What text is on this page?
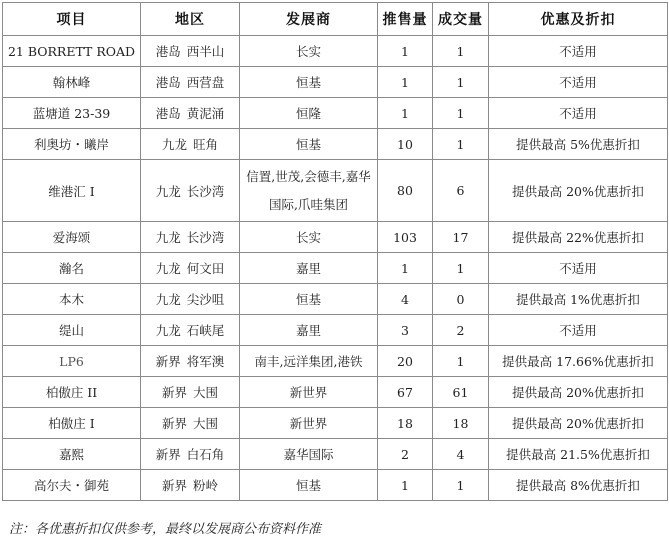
项目	地区	发展商	推售量	成交量	优惠及折扣
21 BORRETT ROAD	港岛 西半山	长实	1	1	不适用
翰林峰	港岛 西营盘	恒基	1	1	不适用
蓝塘道 23-39	港岛 黄泥涌	恒隆	1	1	不适用
利奥坊・曦岸	九龙 旺角	恒基	10	1	提供最高 5%优惠折扣
维港汇 I	九龙 长沙湾	信置,世茂,会德丰,嘉华国际,爪哇集团	80	6	提供最高 20%优惠折扣
爱海颂	九龙 长沙湾	长实	103	17	提供最高 22%优惠折扣
瀚名	九龙 何文田	嘉里	1	1	不适用
本木	九龙 尖沙咀	恒基	4	0	提供最高 1%优惠折扣
缇山	九龙 石峡尾	嘉里	3	2	不适用
LP6	新界 将军澳	南丰,远洋集团,港铁	20	1	提供最高 17.66%优惠折扣
柏傲庄 II	新界 大围	新世界	67	61	提供最高 20%优惠折扣
柏傲庄 I	新界 大围	新世界	18	18	提供最高 20%优惠折扣
嘉熙	新界 白石角	嘉华国际	2	4	提供最高 21.5%优惠折扣
高尔夫・御苑	新界 粉岭	恒基	1	1	提供最高 8%优惠折扣
注：各优惠折扣仅供参考，最终以发展商公布资料作准
